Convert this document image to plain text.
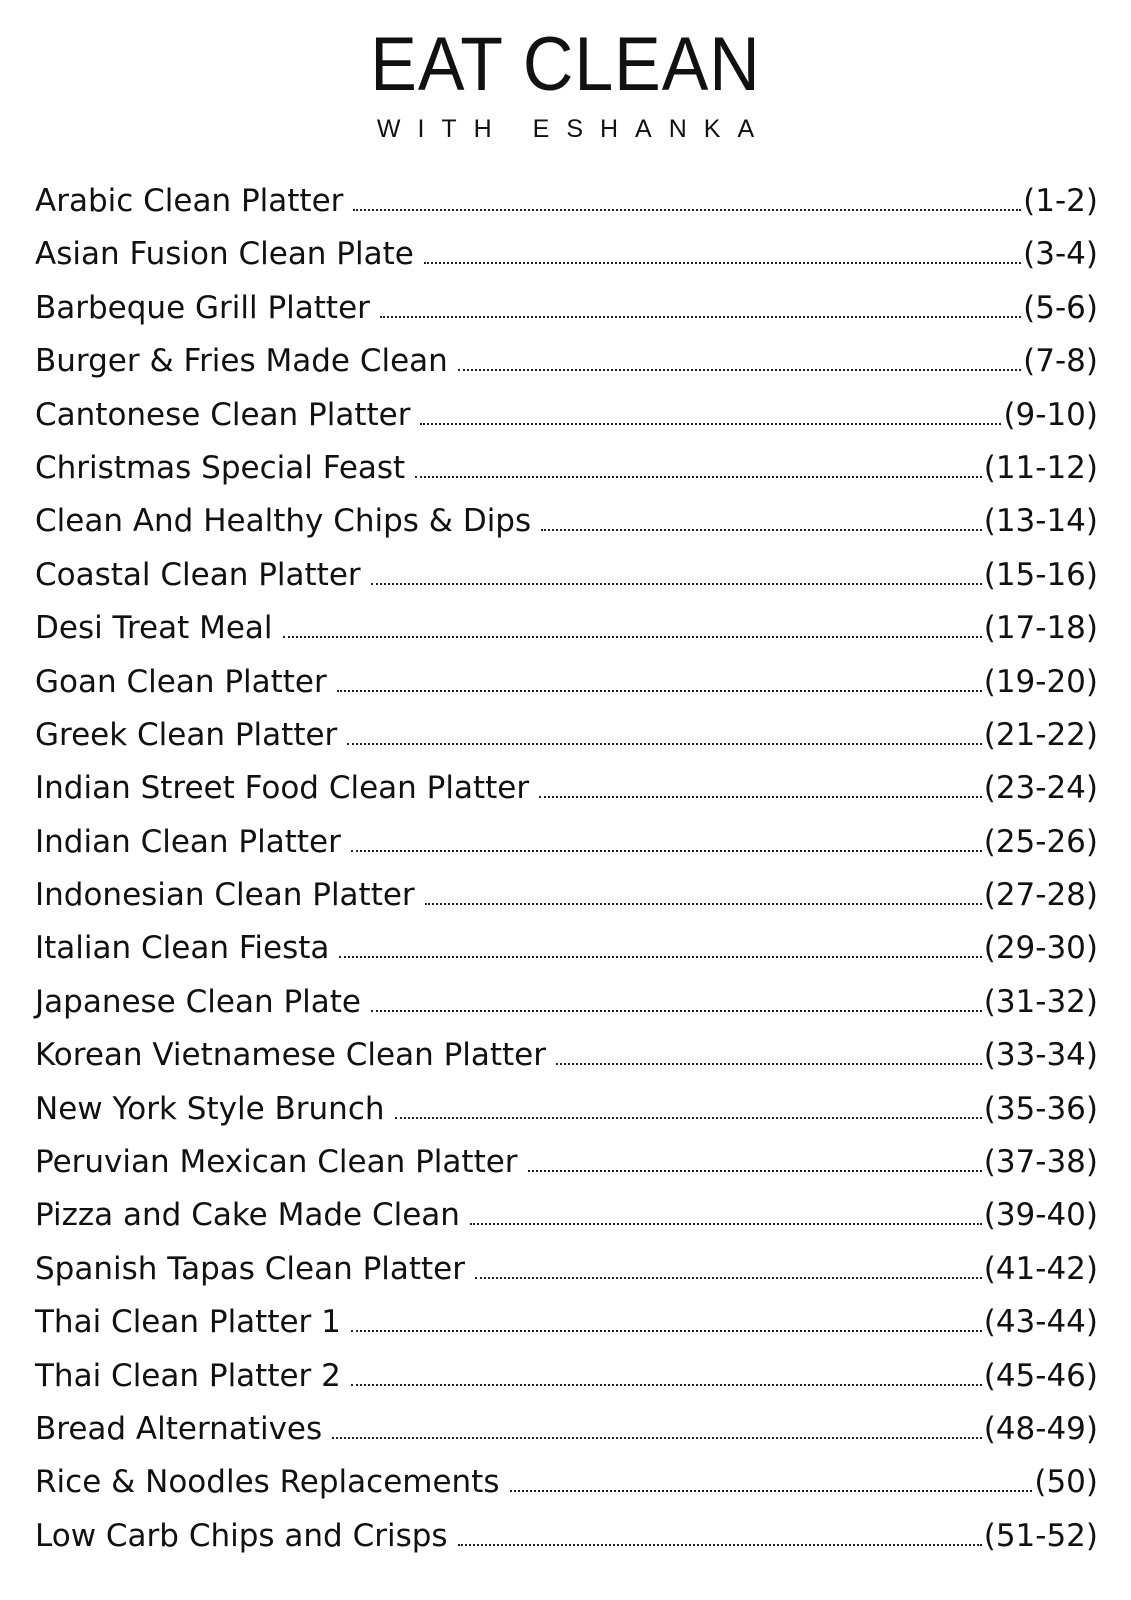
EAT CLEAN
WITH ESHANKA
Arabic Clean Platter	(1-2)
Asian Fusion Clean Plate	(3-4)
Barbeque Grill Platter	(5-6)
Burger & Fries Made Clean	(7-8)
Cantonese Clean Platter	(9-10)
Christmas Special Feast	(11-12)
Clean And Healthy Chips & Dips	(13-14)
Coastal Clean Platter	(15-16)
Desi Treat Meal	(17-18)
Goan Clean Platter	(19-20)
Greek Clean Platter	(21-22)
Indian Street Food Clean Platter	(23-24)
Indian Clean Platter	(25-26)
Indonesian Clean Platter	(27-28)
Italian Clean Fiesta	(29-30)
Japanese Clean Plate	(31-32)
Korean Vietnamese Clean Platter	(33-34)
New York Style Brunch	(35-36)
Peruvian Mexican Clean Platter	(37-38)
Pizza and Cake Made Clean	(39-40)
Spanish Tapas Clean Platter	(41-42)
Thai Clean Platter 1	(43-44)
Thai Clean Platter 2	(45-46)
Bread Alternatives	(48-49)
Rice & Noodles Replacements	(50)
Low Carb Chips and Crisps	(51-52)
